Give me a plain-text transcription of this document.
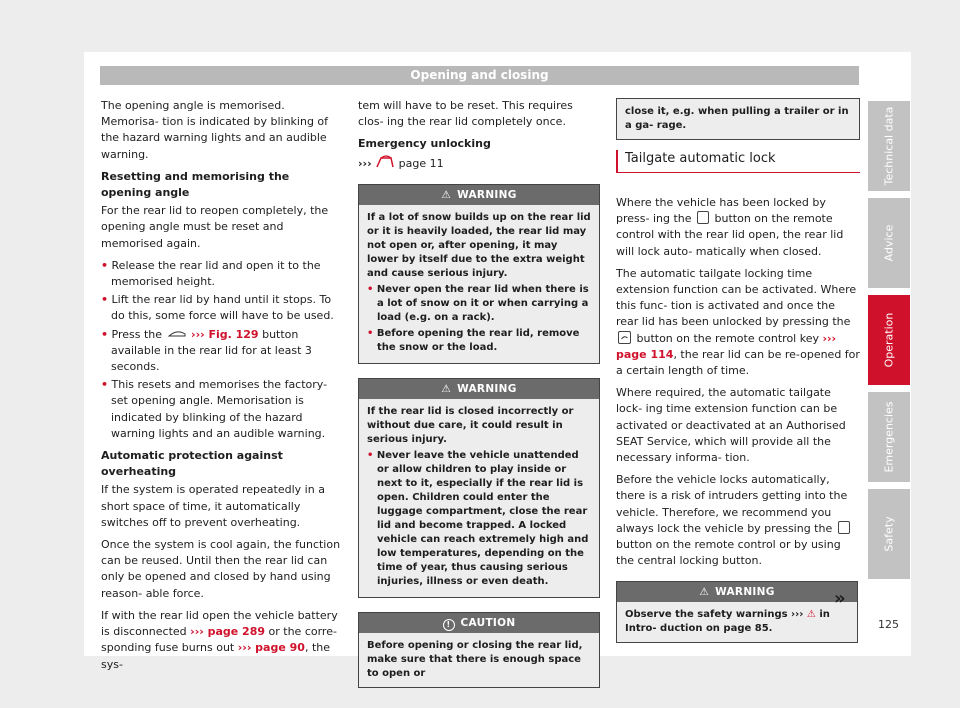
Opening and closing

The opening angle is memorised. Memorisa- tion is indicated by blinking of the hazard warning lights and an audible warning.

Resetting and memorising the opening angle

For the rear lid to reopen completely, the opening angle must be reset and memorised again.

• Release the rear lid and open it to the memorised height.
• Lift the rear lid by hand until it stops. To do this, some force will have to be used.
• Press the	››› Fig. 129 button available in the rear lid for at least 3 seconds.
• This resets and memorises the factory-set opening angle. Memorisation is indicated by blinking of the hazard warning lights and an audible warning.

Automatic protection against overheating

If the system is operated repeatedly in a short space of time, it automatically switches off to prevent overheating.

Once the system is cool again, the function can be reused. Until then the rear lid can only be opened and closed by hand using reason- able force.

If with the rear lid open the vehicle battery is disconnected ››› page 289 or the corre- sponding fuse burns out ››› page 90, the sys-

tem will have to be reset. This requires clos- ing the rear lid completely once.

Emergency unlocking

››› page 11

⚠ WARNING

If a lot of snow builds up on the rear lid or it is heavily loaded, the rear lid may not open or, after opening, it may lower by itself due to the extra weight and cause serious injury.

• Never open the rear lid when there is a lot of snow on it or when carrying a load (e.g. on a rack).
• Before opening the rear lid, remove the snow or the load.
⚠ WARNING

If the rear lid is closed incorrectly or without due care, it could result in serious injury.

• Never leave the vehicle unattended or allow children to play inside or next to it, especially if the rear lid is open. Children could enter the luggage compartment, close the rear lid and become trapped. A locked vehicle can reach extremely high and low temperatures, depending on the time of year, thus causing serious injuries, illness or even death.
! CAUTION

Before opening or closing the rear lid, make sure that there is enough space to open or

close it, e.g. when pulling a trailer or in a ga- rage.
Tailgate automatic lock

Where the vehicle has been locked by press- ing the button on the remote control with the rear lid open, the rear lid will lock auto- matically when closed.

The automatic tailgate locking time extension function can be activated. Where this func- tion is activated and once the rear lid has been unlocked by pressing the  button on the remote control key ››› page 114, the rear lid can be re-opened for a certain length of time.

Where required, the automatic tailgate lock- ing time extension function can be activated or deactivated at an Authorised SEAT Service, which will provide all the necessary informa- tion.

Before the vehicle locks automatically, there is a risk of intruders getting into the vehicle. Therefore, we recommend you always lock the vehicle by pressing the  button on the remote control or by using the central locking button.

⚠ WARNING
Observe the safety warnings ››› ⚠ in Intro- duction on page 85.
»
Technical data
Advice
Operation
Emergencies
Safety
125
